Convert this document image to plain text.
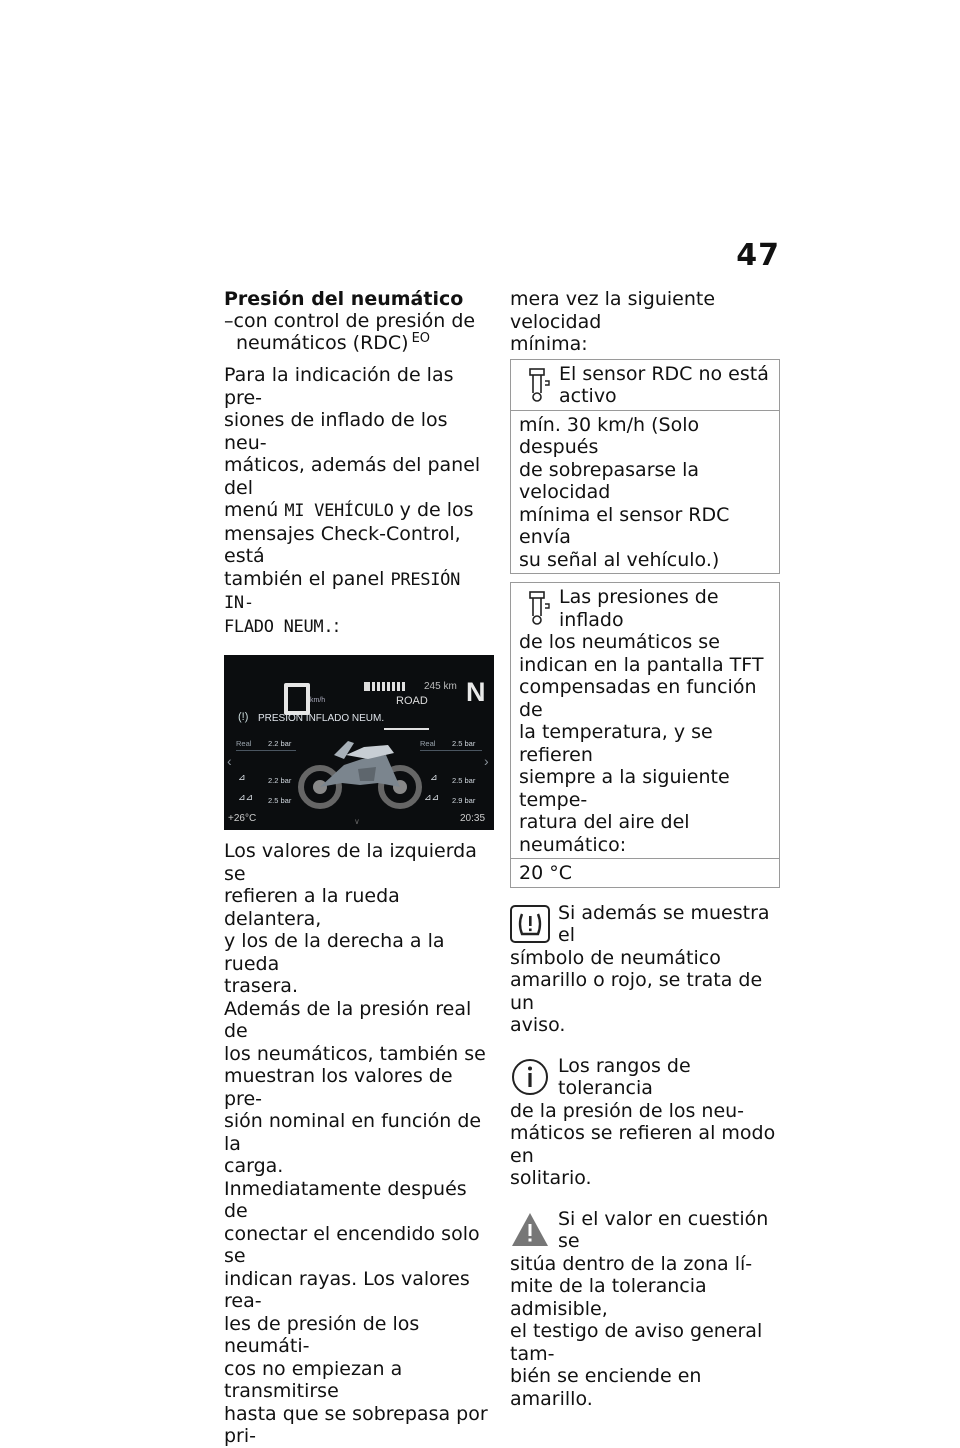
47

Presión del neumático

–con control de presión de

neumáticos (RDC) $^{EO}$

Para la indicación de las pre-

siones de inflado de los neu-

máticos, además del panel del

menú MI VEHÍCULO y de los

mensajes Check-Control, está

también el panel PRESIÓN IN-

FLADO NEUM.:

km/h
245 km
ROAD N
(!) PRESION INFLADO NEUM.
Real 2.2 bar	Real 2.5 bar
‹	›
⊿	2.2 bar
⊿⊿ 2.5 bar
⊿ 2.5 bar
⊿⊿ 2.9 bar
+26°C	∨	20:35

Los valores de la izquierda se

refieren a la rueda delantera,

y los de la derecha a la rueda

trasera.

Además de la presión real de

los neumáticos, también se

muestran los valores de pre-

sión nominal en función de la

carga.

Inmediatamente después de

conectar el encendido solo se

indican rayas. Los valores rea-

les de presión de los neumáti-

cos no empiezan a transmitirse

hasta que se sobrepasa por pri-

mera vez la siguiente velocidad

mínima:

El sensor RDC no está

activo

mín. 30 km/h (Solo después

de sobrepasarse la velocidad

mínima el sensor RDC envía

su señal al vehículo.)

Las presiones de inflado

de los neumáticos se

indican en la pantalla TFT

compensadas en función de

la temperatura, y se refieren

siempre a la siguiente tempe-

ratura del aire del neumático:

20 °C

Si además se muestra el

símbolo de neumático

amarillo o rojo, se trata de un

aviso.

Los rangos de tolerancia

de la presión de los neu-

máticos se refieren al modo en

solitario.

Si el valor en cuestión se

sitúa dentro de la zona lí-

mite de la tolerancia admisible,

el testigo de aviso general tam-

bién se enciende en amarillo.
